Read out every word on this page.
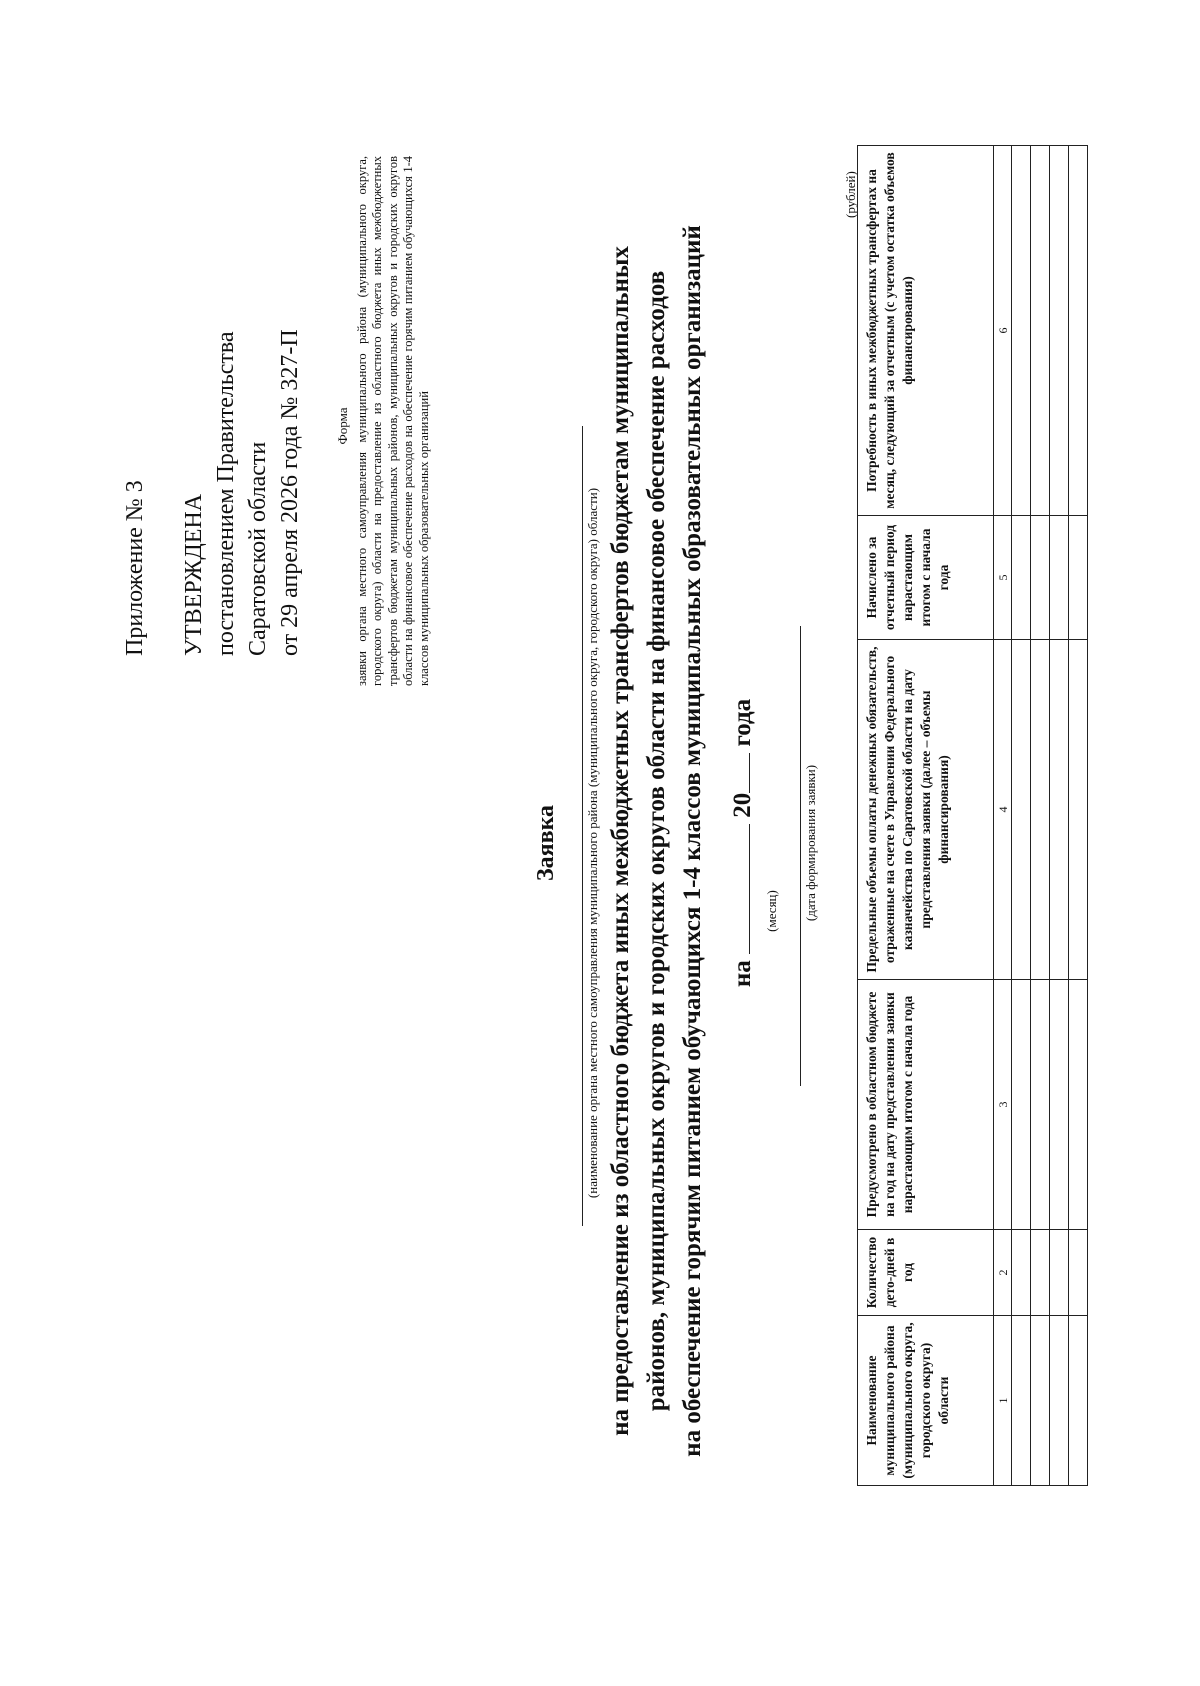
Приложение № 3 УТВЕРЖДЕНА постановлением Правительства Саратовской области от 29 апреля 2026 года № 327-П Форма заявки органа местного самоуправления муниципального района (муниципального округа, городского округа) области на предоставление из областного бюджета иных межбюджетных трансфертов бюджетам муниципальных районов, муниципальных округов и городских округов области на финансовое обеспечение расходов на обеспечение горячим питанием обучающихся 1-4 классов муниципальных образовательных организаций
Заявка (наименование органа местного самоуправления муниципального района (муниципального округа, городского округа) области) на предоставление из областного бюджета иных межбюджетных трансфертов бюджетам муниципальных районов, муниципальных округов и городских округов области на финансовое обеспечение расходов на обеспечение горячим питанием обучающихся 1-4 классов муниципальных образовательных организаций на  20 года
(месяц) (дата формирования заявки)
(рублей)
Наименование муниципального района (муниципального округа, городского округа) области	Количество дето-дней в год	Предусмотрено в областном бюджете на год на дату представления заявки нарастающим итогом с начала года	Предельные объемы оплаты денежных обязательств, отраженные на счете в Управлении Федерального казначейства по Саратовской области на дату представления заявки (далее – объемы финансирования)	Начислено за отчетный период нарастающим итогом с начала года	Потребность в иных межбюджетных трансфертах на месяц, следующий за отчетным (с учетом остатка объемов финансирования)
1	2	3	4	5	6
